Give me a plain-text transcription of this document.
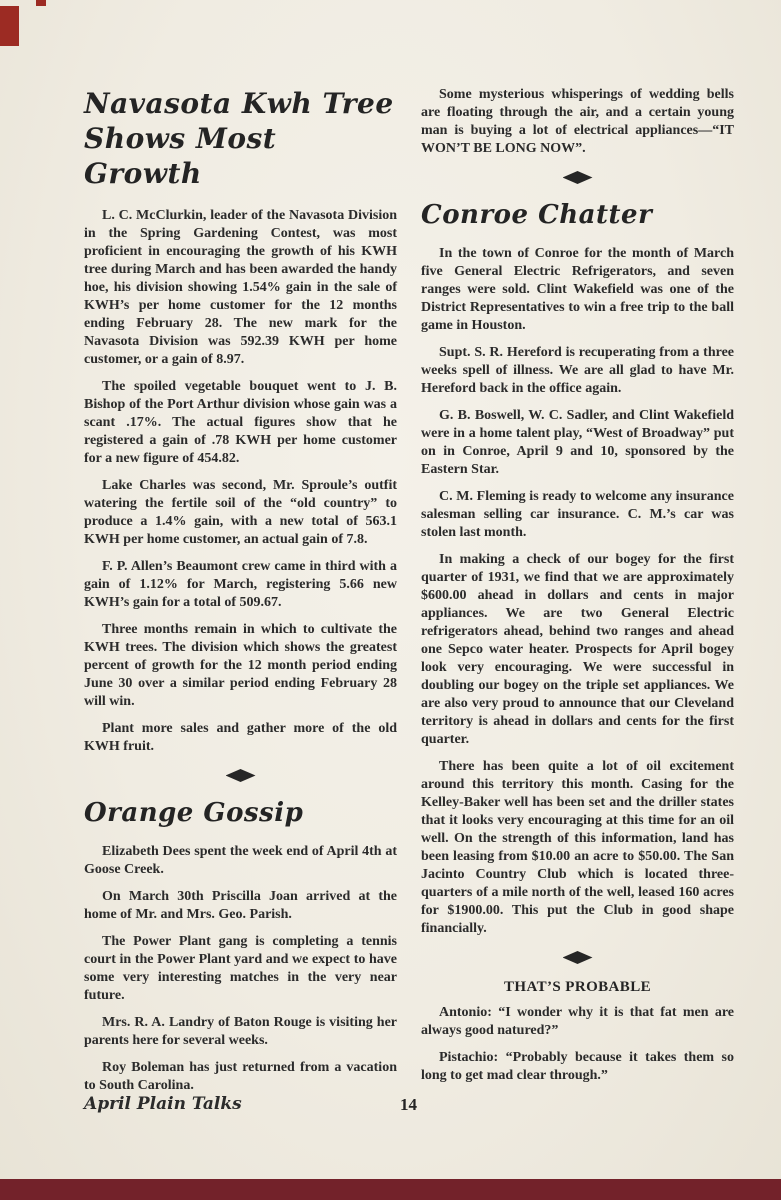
Navasota Kwh Tree
Shows Most Growth

L. C. McClurkin, leader of the Navasota Division in the Spring Gardening Contest, was most proficient in encouraging the growth of his KWH tree during March and has been awarded the handy hoe, his division showing 1.54% gain in the sale of KWH’s per home customer for the 12 months ending February 28. The new mark for the Navasota Division was 592.39 KWH per home customer, or a gain of 8.97.

The spoiled vegetable bouquet went to J. B. Bishop of the Port Arthur division whose gain was a scant .17%. The actual figures show that he registered a gain of .78 KWH per home customer for a new figure of 454.82.

Lake Charles was second, Mr. Sproule’s outfit watering the fertile soil of the “old country” to produce a 1.4% gain, with a new total of 563.1 KWH per home customer, an actual gain of 7.8.

F. P. Allen’s Beaumont crew came in third with a gain of 1.12% for March, registering 5.66 new KWH’s gain for a total of 509.67.

Three months remain in which to cultivate the KWH trees. The division which shows the greatest percent of growth for the 12 month period ending June 30 over a similar period ending February 28 will win.

Plant more sales and gather more of the old KWH fruit.

Orange Gossip

Elizabeth Dees spent the week end of April 4th at Goose Creek.

On March 30th Priscilla Joan arrived at the home of Mr. and Mrs. Geo. Parish.

The Power Plant gang is completing a tennis court in the Power Plant yard and we expect to have some very interesting matches in the very near future.

Mrs. R. A. Landry of Baton Rouge is visiting her parents here for several weeks.

Roy Boleman has just returned from a vacation to South Carolina.

Some mysterious whisperings of wedding bells are floating through the air, and a certain young man is buying a lot of electrical appliances—“IT WON’T BE LONG NOW”.

Conroe Chatter

In the town of Conroe for the month of March five General Electric Refrigerators, and seven ranges were sold. Clint Wakefield was one of the District Representatives to win a free trip to the ball game in Houston.

Supt. S. R. Hereford is recuperating from a three weeks spell of illness. We are all glad to have Mr. Hereford back in the office again.

G. B. Boswell, W. C. Sadler, and Clint Wakefield were in a home talent play, “West of Broadway” put on in Conroe, April 9 and 10, sponsored by the Eastern Star.

C. M. Fleming is ready to welcome any insurance salesman selling car insurance. C. M.’s car was stolen last month.

In making a check of our bogey for the first quarter of 1931, we find that we are approximately $600.00 ahead in dollars and cents in major appliances. We are two General Electric refrigerators ahead, behind two ranges and ahead one Sepco water heater. Prospects for April bogey look very encouraging. We were successful in doubling our bogey on the triple set appliances. We are also very proud to announce that our Cleveland territory is ahead in dollars and cents for the first quarter.

There has been quite a lot of oil excitement around this territory this month. Casing for the Kelley-Baker well has been set and the driller states that it looks very encouraging at this time for an oil well. On the strength of this information, land has been leasing from $10.00 an acre to $50.00. The San Jacinto Country Club which is located three-quarters of a mile north of the well, leased 160 acres for $1900.00. This put the Club in good shape financially.

THAT’S PROBABLE

Antonio: “I wonder why it is that fat men are always good natured?”

Pistachio: “Probably because it takes them so long to get mad clear through.”

April Plain Talks	14
